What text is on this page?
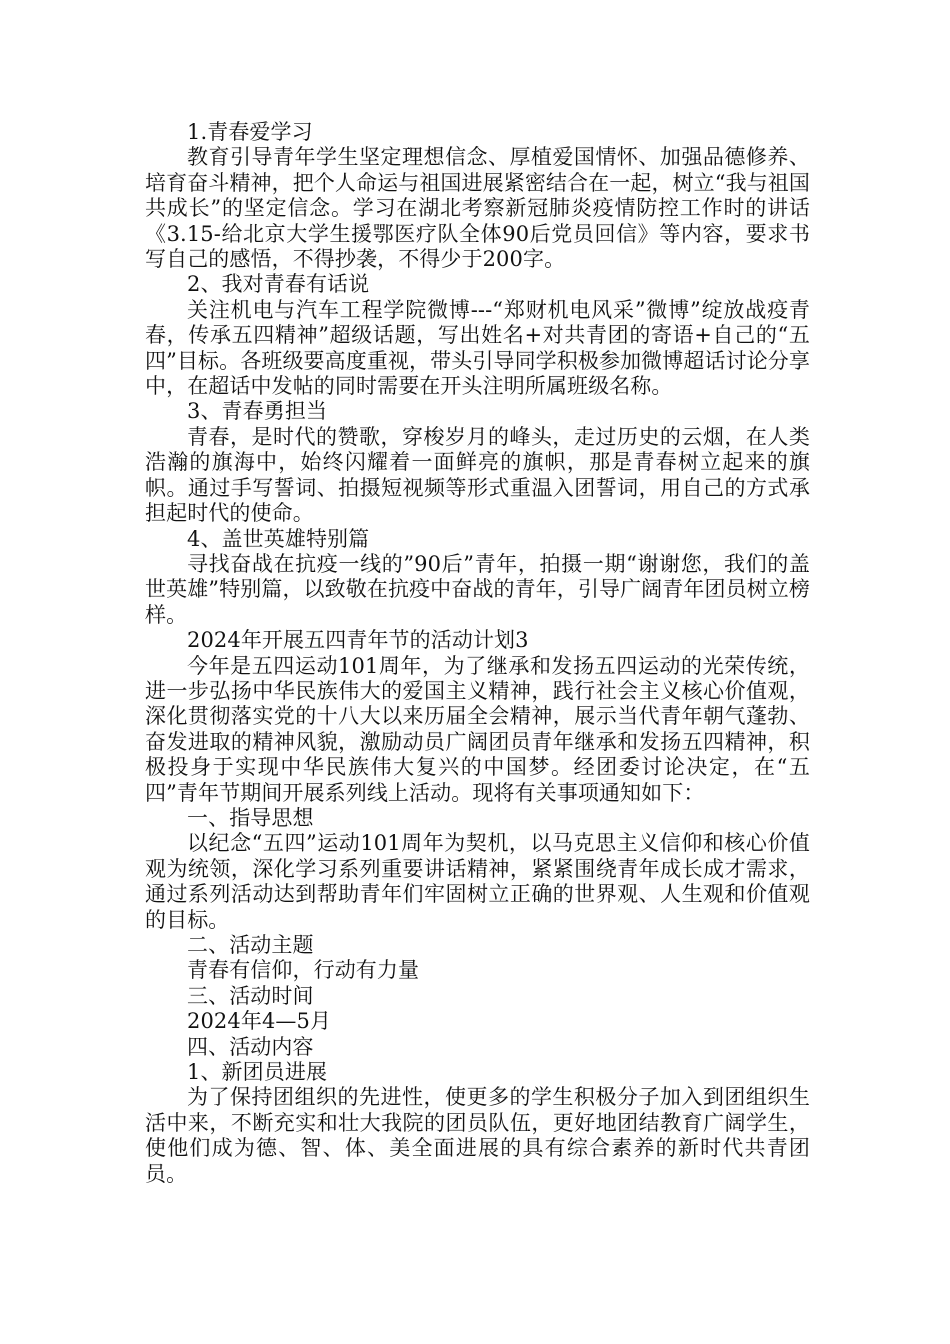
1.青春爱学习

教育引导青年学生坚定理想信念、厚植爱国情怀、加强品德修养、培育奋斗精神，把个人命运与祖国进展紧密结合在一起，树立“我与祖国共成长”的坚定信念。学习在湖北考察新冠肺炎疫情防控工作时的讲话《3.15-给北京大学生援鄂医疗队全体90后党员回信》等内容，要求书写自己的感悟，不得抄袭，不得少于200字。

2、我对青春有话说

关注机电与汽车工程学院微博---“郑财机电风采”微博”绽放战疫青春，传承五四精神”超级话题，写出姓名+对共青团的寄语+自己的“五四”目标。各班级要高度重视，带头引导同学积极参加微博超话讨论分享中，在超话中发帖的同时需要在开头注明所属班级名称。

3、青春勇担当

青春，是时代的赞歌，穿梭岁月的峰头，走过历史的云烟，在人类浩瀚的旗海中，始终闪耀着一面鲜亮的旗帜，那是青春树立起来的旗帜。通过手写誓词、拍摄短视频等形式重温入团誓词，用自己的方式承担起时代的使命。

4、盖世英雄特别篇

寻找奋战在抗疫一线的”90后”青年，拍摄一期“谢谢您，我们的盖世英雄”特别篇，以致敬在抗疫中奋战的青年，引导广阔青年团员树立榜样。

2024年开展五四青年节的活动计划3

今年是五四运动101周年，为了继承和发扬五四运动的光荣传统，进一步弘扬中华民族伟大的爱国主义精神，践行社会主义核心价值观，深化贯彻落实党的十八大以来历届全会精神，展示当代青年朝气蓬勃、奋发进取的精神风貌，激励动员广阔团员青年继承和发扬五四精神，积极投身于实现中华民族伟大复兴的中国梦。经团委讨论决定，在“五四”青年节期间开展系列线上活动。现将有关事项通知如下：

一、指导思想

以纪念“五四”运动101周年为契机，以马克思主义信仰和核心价值观为统领，深化学习系列重要讲话精神，紧紧围绕青年成长成才需求，通过系列活动达到帮助青年们牢固树立正确的世界观、人生观和价值观的目标。

二、活动主题

青春有信仰，行动有力量

三、活动时间

2024年4—5月

四、活动内容

1、新团员进展

为了保持团组织的先进性，使更多的学生积极分子加入到团组织生活中来，不断充实和壮大我院的团员队伍，更好地团结教育广阔学生，使他们成为德、智、体、美全面进展的具有综合素养的新时代共青团员。
